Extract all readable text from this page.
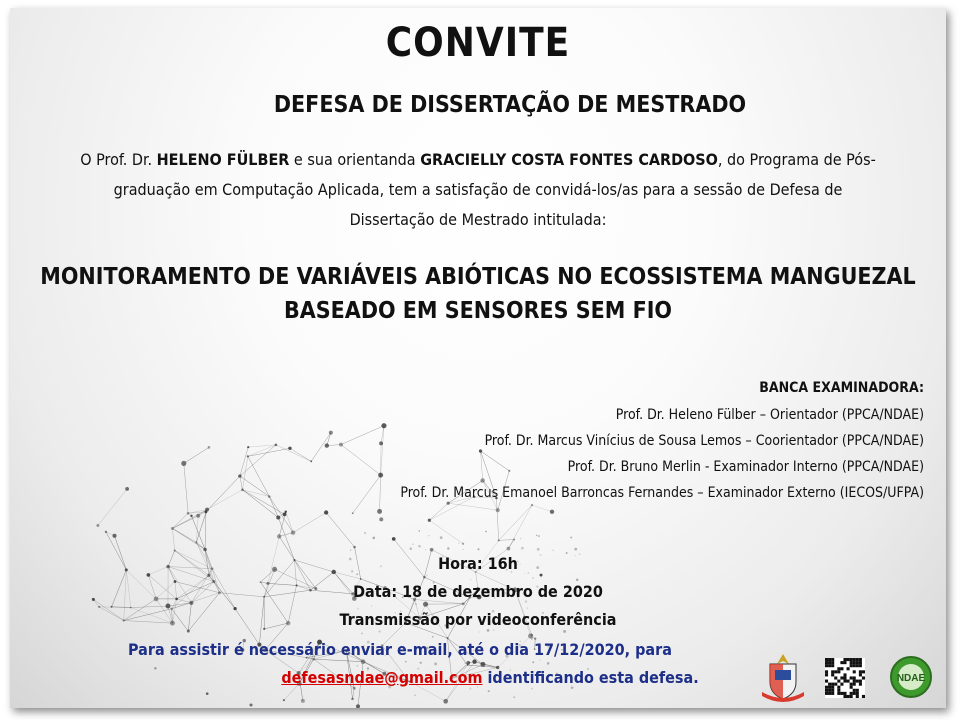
CONVITE
DEFESA DE DISSERTAÇÃO DE MESTRADO
O Prof. Dr. HELENO FÜLBER e sua orientanda GRACIELLY COSTA FONTES CARDOSO, do Programa de Pós-
graduação em Computação Aplicada, tem a satisfação de convidá-los/as para a sessão de Defesa de
Dissertação de Mestrado intitulada:
MONITORAMENTO DE VARIÁVEIS ABIÓTICAS NO ECOSSISTEMA MANGUEZAL
BASEADO EM SENSORES SEM FIO
BANCA EXAMINADORA:
Prof. Dr. Heleno Fülber – Orientador (PPCA/NDAE)
Prof. Dr. Marcus Vinícius de Sousa Lemos – Coorientador (PPCA/NDAE)
Prof. Dr. Bruno Merlin - Examinador Interno (PPCA/NDAE)
Prof. Dr. Marcus Emanoel Barroncas Fernandes – Examinador Externo (IECOS/UFPA)
Hora: 16h
Data: 18 de dezembro de 2020
Transmissão por videoconferência
Para assistir é necessário enviar e-mail, até o dia 17/12/2020, para
defesasndae@gmail.com identificando esta defesa.	NDAE
